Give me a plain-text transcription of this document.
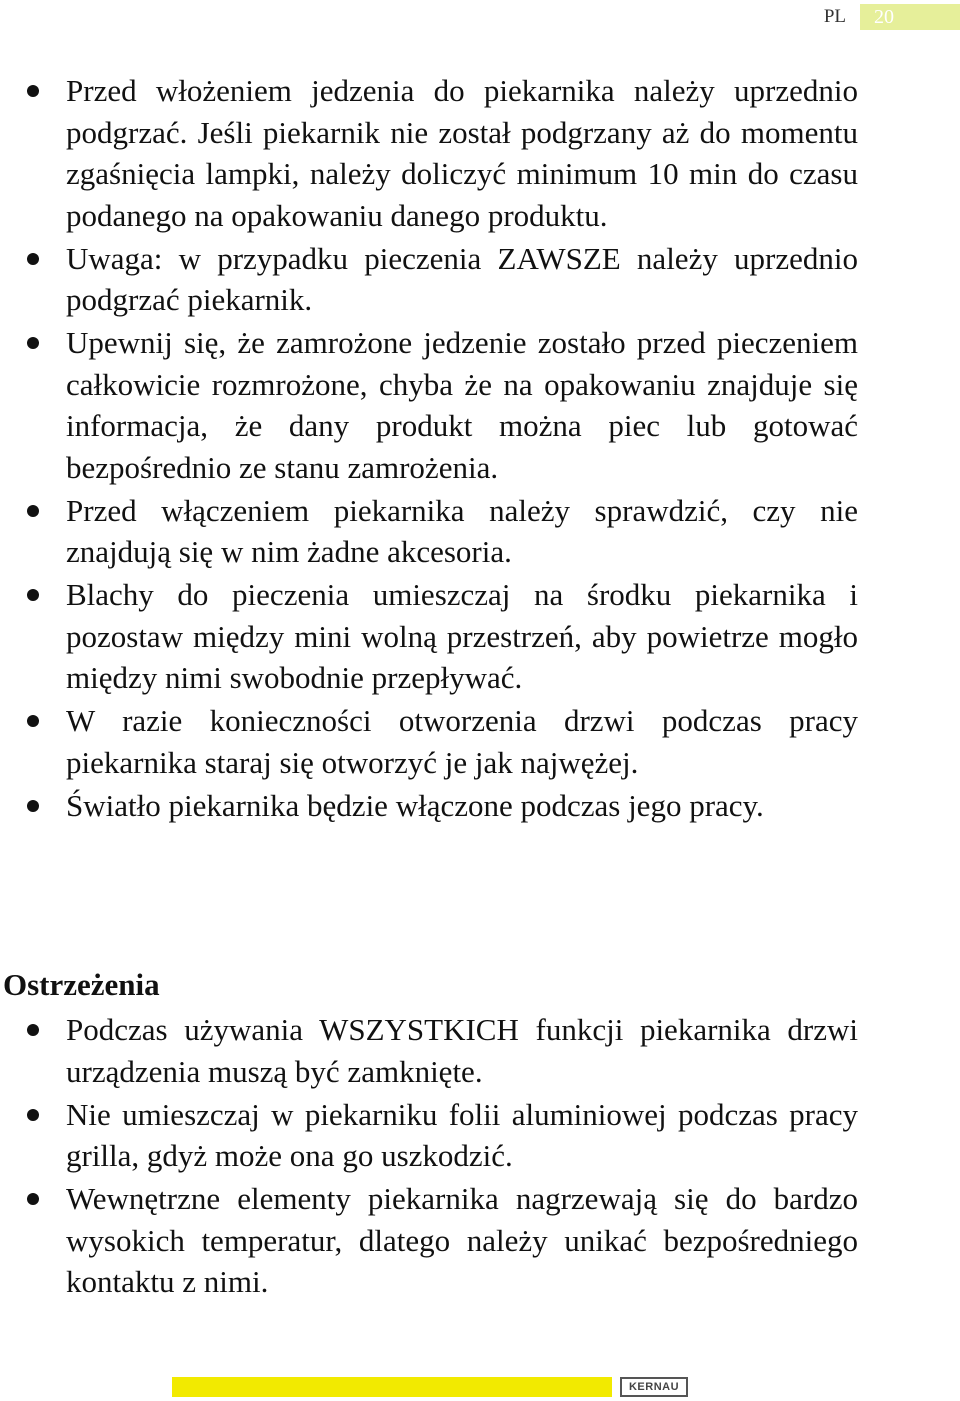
PL	20
Przed włożeniem jedzenia do piekarnika należy uprzednio podgrzać. Jeśli piekarnik nie został podgrzany aż do momentu zgaśnięcia lampki, należy doliczyć minimum 10 min do czasu podanego na opakowaniu danego produktu.
Uwaga: w przypadku pieczenia ZAWSZE należy uprzednio podgrzać piekarnik.
Upewnij się, że zamrożone jedzenie zostało przed pieczeniem całkowicie rozmrożone, chyba że na opakowaniu znajduje się informacja, że dany produkt można piec lub gotować bezpośrednio ze stanu zamrożenia.
Przed włączeniem piekarnika należy sprawdzić, czy nie znajdują się w nim żadne akcesoria.
Blachy do pieczenia umieszczaj na środku piekarnika i pozostaw między mini wolną przestrzeń, aby powietrze mogło między nimi swobodnie przepływać.
W razie konieczności otworzenia drzwi podczas pracy piekarnika staraj się otworzyć je jak najwężej.
Światło piekarnika będzie włączone podczas jego pracy.
Ostrzeżenia
Podczas używania WSZYSTKICH funkcji piekarnika drzwi urządzenia muszą być zamknięte.
Nie umieszczaj w piekarniku folii aluminiowej podczas pracy grilla, gdyż może ona go uszkodzić.
Wewnętrzne elementy piekarnika nagrzewają się do bardzo wysokich temperatur, dlatego należy unikać bezpośredniego kontaktu z nimi.
KERNAU
